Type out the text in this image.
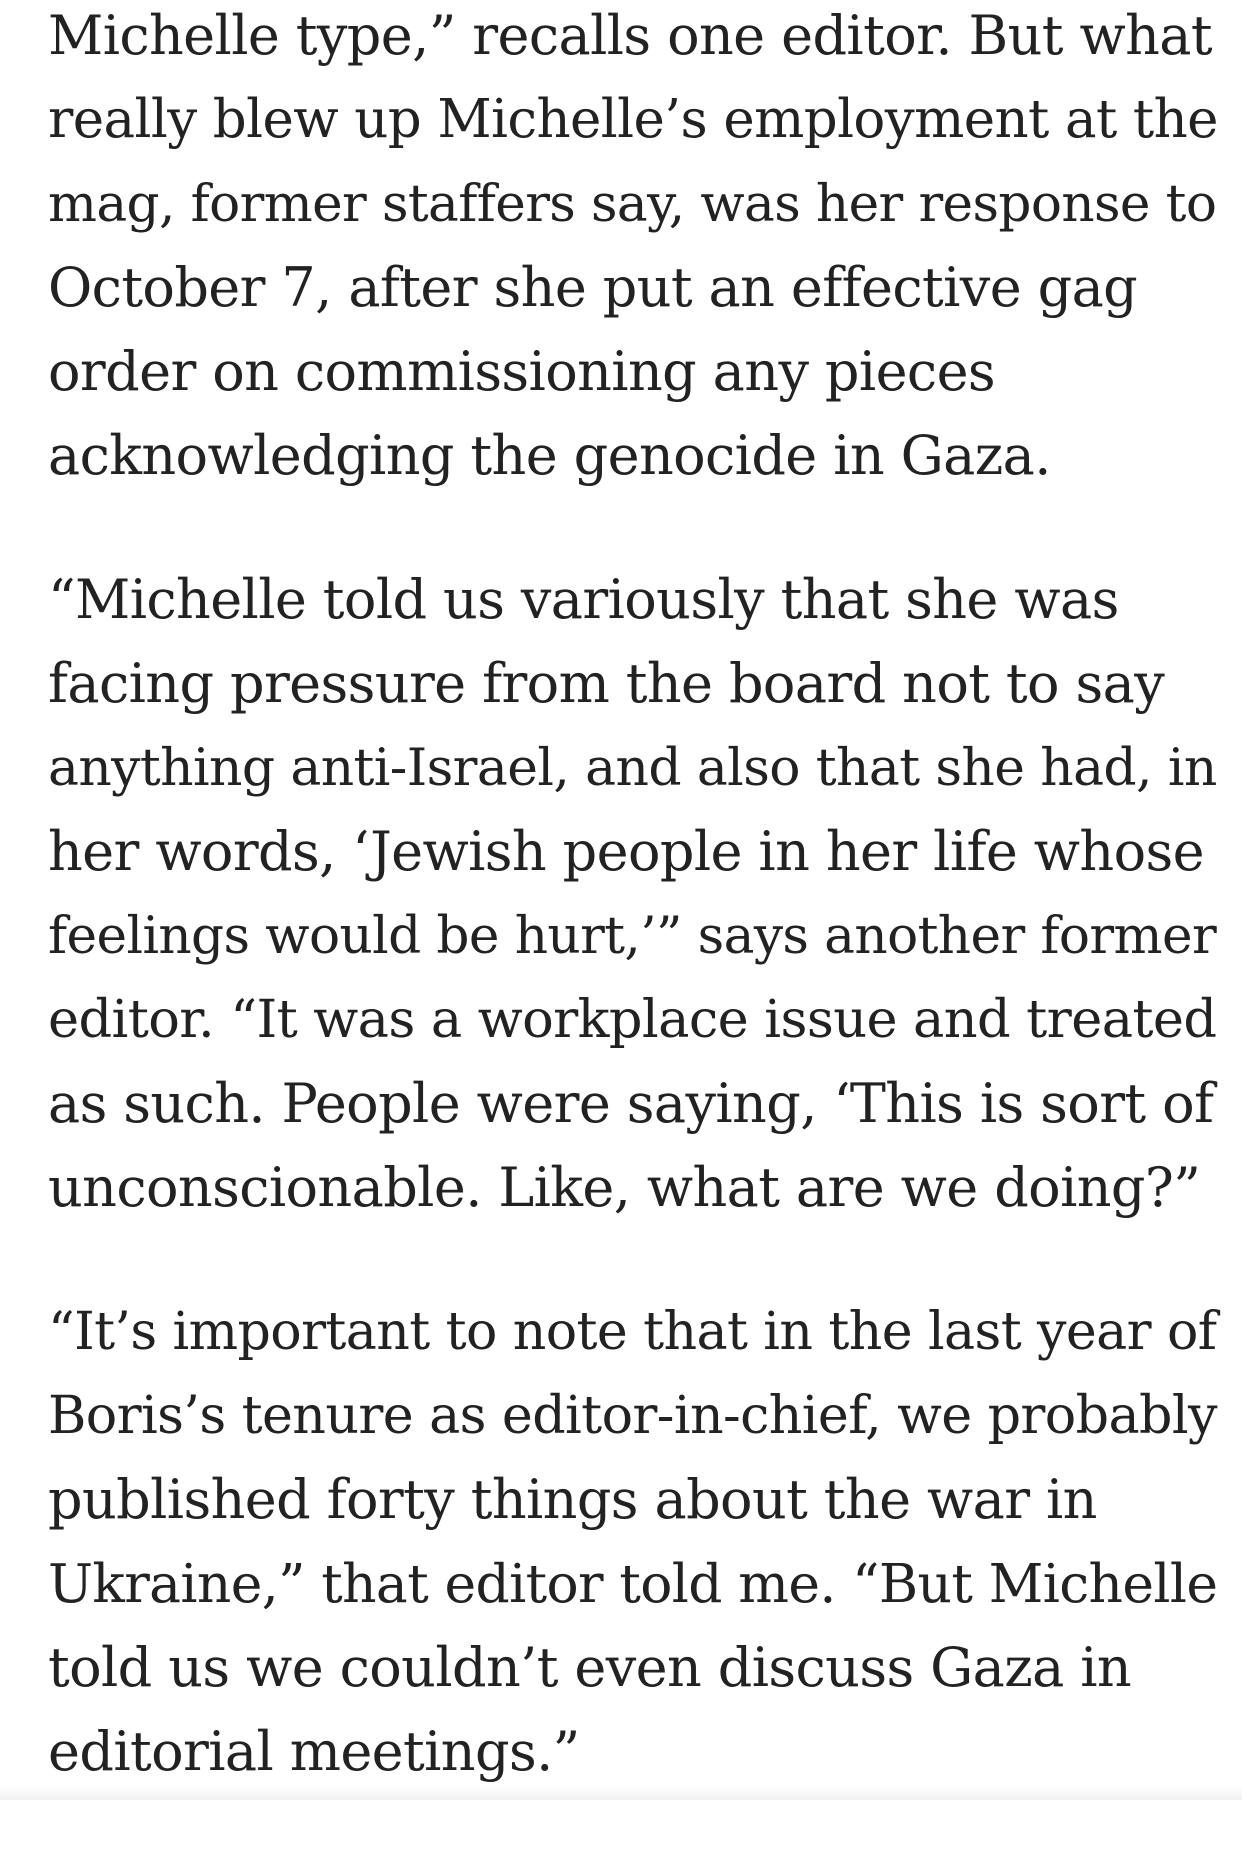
Michelle type,” recalls one editor. But what
really blew up Michelle’s employment at the
mag, former staffers say, was her response to
October 7, after she put an effective gag
order on commissioning any pieces
acknowledging the genocide in Gaza.

“Michelle told us variously that she was
facing pressure from the board not to say
anything anti-Israel, and also that she had, in
her words, ‘Jewish people in her life whose
feelings would be hurt,’” says another former
editor. “It was a workplace issue and treated
as such. People were saying, ‘This is sort of
unconscionable. Like, what are we doing?”

“It’s important to note that in the last year of
Boris’s tenure as editor-in-chief, we probably
published forty things about the war in
Ukraine,” that editor told me. “But Michelle
told us we couldn’t even discuss Gaza in
editorial meetings.”
